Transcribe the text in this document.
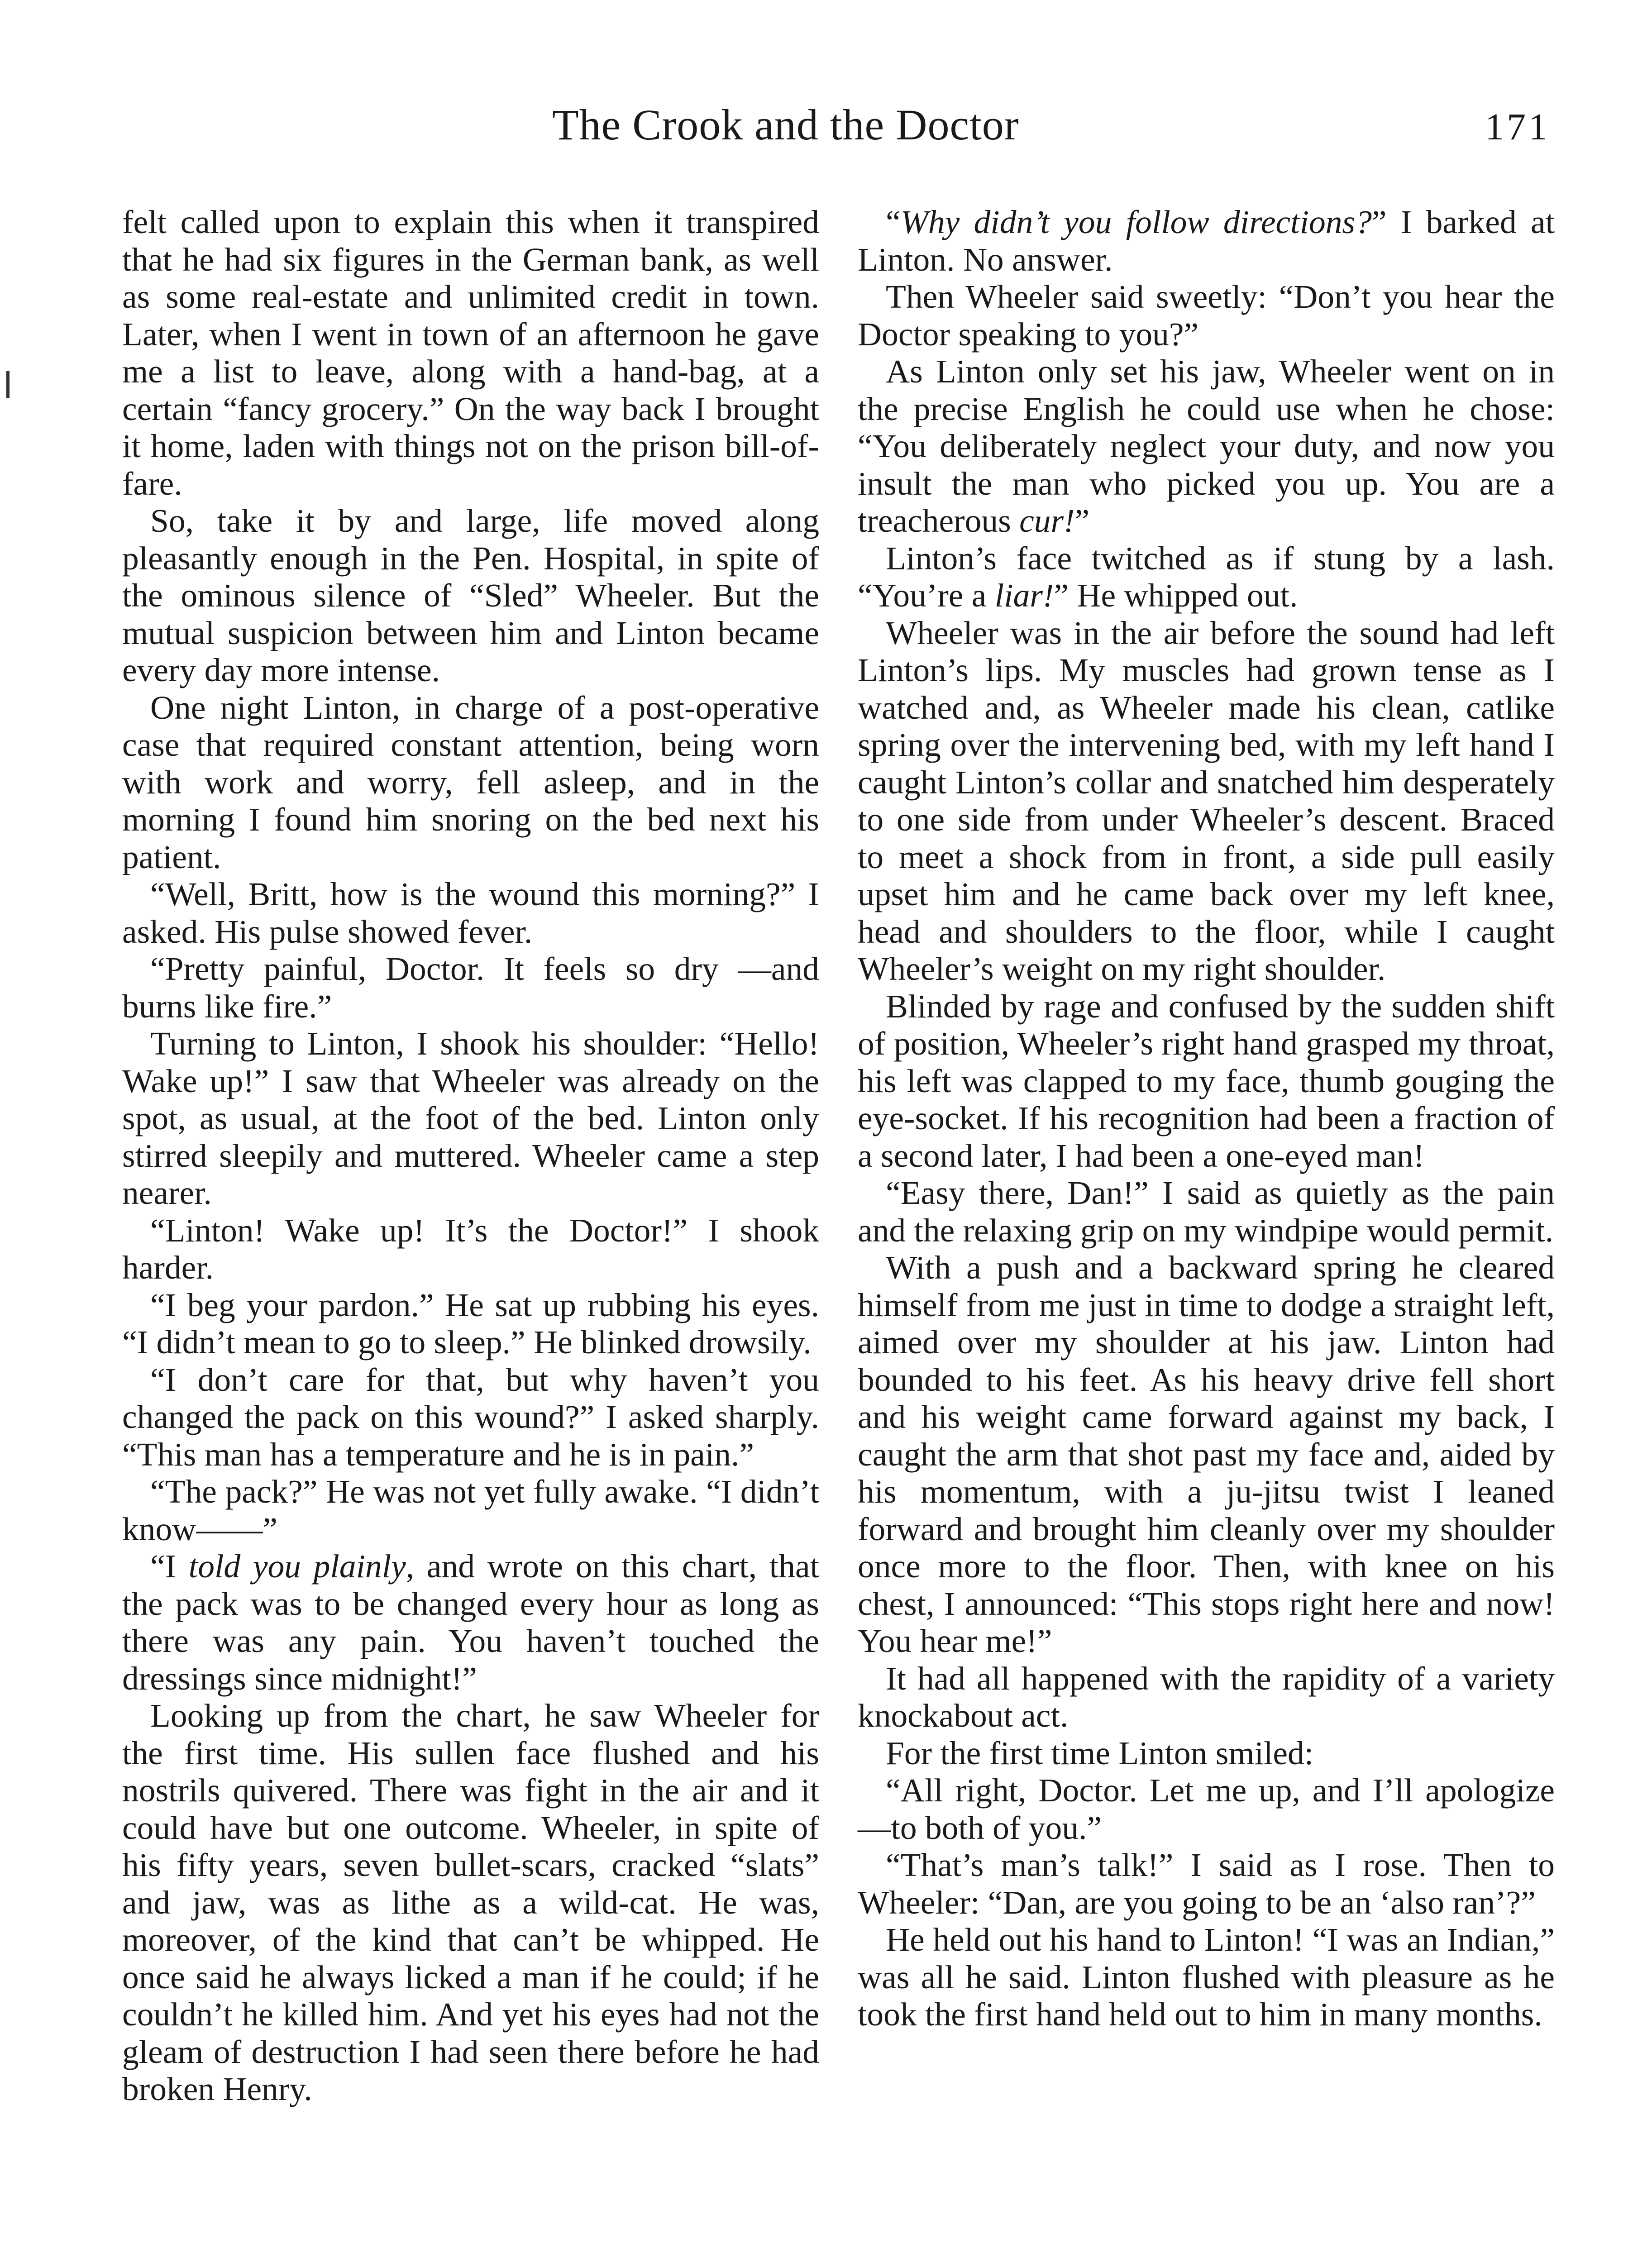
The Crook and the Doctor	171

felt called upon to explain this when it transpired that he had six figures in the German bank, as well as some real-estate and unlimited credit in town. Later, when I went in town of an afternoon he gave me a list to leave, along with a hand-bag, at a certain “fancy grocery.” On the way back I brought it home, laden with things not on the prison bill-of-fare.

So, take it by and large, life moved along pleasantly enough in the Pen. Hospital, in spite of the ominous silence of “Sled” Wheeler. But the mutual suspicion between him and Linton became every day more intense.

One night Linton, in charge of a post-operative case that required constant attention, being worn with work and worry, fell asleep, and in the morning I found him snoring on the bed next his patient.

“Well, Britt, how is the wound this morning?” I asked. His pulse showed fever.

“Pretty painful, Doctor. It feels so dry —and burns like fire.”

Turning to Linton, I shook his shoulder: “Hello! Wake up!” I saw that Wheeler was already on the spot, as usual, at the foot of the bed. Linton only stirred sleepily and muttered. Wheeler came a step nearer.

“Linton! Wake up! It’s the Doctor!” I shook harder.

“I beg your pardon.” He sat up rubbing his eyes. “I didn’t mean to go to sleep.” He blinked drowsily.

“I don’t care for that, but why haven’t you changed the pack on this wound?” I asked sharply. “This man has a temperature and he is in pain.”

“The pack?” He was not yet fully awake. “I didn’t know——”

“I told you plainly, and wrote on this chart, that the pack was to be changed every hour as long as there was any pain. You haven’t touched the dressings since midnight!”

Looking up from the chart, he saw Wheeler for the first time. His sullen face flushed and his nostrils quivered. There was fight in the air and it could have but one outcome. Wheeler, in spite of his fifty years, seven bullet-scars, cracked “slats” and jaw, was as lithe as a wild-cat. He was, moreover, of the kind that can’t be whipped. He once said he always licked a man if he could; if he couldn’t he killed him. And yet his eyes had not the gleam of destruction I had seen there before he had broken Henry.

“Why didn’t you follow directions?” I barked at Linton. No answer.

Then Wheeler said sweetly: “Don’t you hear the Doctor speaking to you?”

As Linton only set his jaw, Wheeler went on in the precise English he could use when he chose: “You deliberately neglect your duty, and now you insult the man who picked you up. You are a treacherous cur!”

Linton’s face twitched as if stung by a lash. “You’re a liar!” He whipped out.

Wheeler was in the air before the sound had left Linton’s lips. My muscles had grown tense as I watched and, as Wheeler made his clean, catlike spring over the intervening bed, with my left hand I caught Linton’s collar and snatched him desperately to one side from under Wheeler’s descent. Braced to meet a shock from in front, a side pull easily upset him and he came back over my left knee, head and shoulders to the floor, while I caught Wheeler’s weight on my right shoulder.

Blinded by rage and confused by the sudden shift of position, Wheeler’s right hand grasped my throat, his left was clapped to my face, thumb gouging the eye-socket. If his recognition had been a fraction of a second later, I had been a one-eyed man!

“Easy there, Dan!” I said as quietly as the pain and the relaxing grip on my windpipe would permit.

With a push and a backward spring he cleared himself from me just in time to dodge a straight left, aimed over my shoulder at his jaw. Linton had bounded to his feet. As his heavy drive fell short and his weight came forward against my back, I caught the arm that shot past my face and, aided by his momentum, with a ju-jitsu twist I leaned forward and brought him cleanly over my shoulder once more to the floor. Then, with knee on his chest, I announced: “This stops right here and now! You hear me!”

It had all happened with the rapidity of a variety knockabout act.

For the first time Linton smiled:

“All right, Doctor. Let me up, and I’ll apologize—to both of you.”

“That’s man’s talk!” I said as I rose. Then to Wheeler: “Dan, are you going to be an ‘also ran’?”

He held out his hand to Linton! “I was an Indian,” was all he said. Linton flushed with pleasure as he took the first hand held out to him in many months.
